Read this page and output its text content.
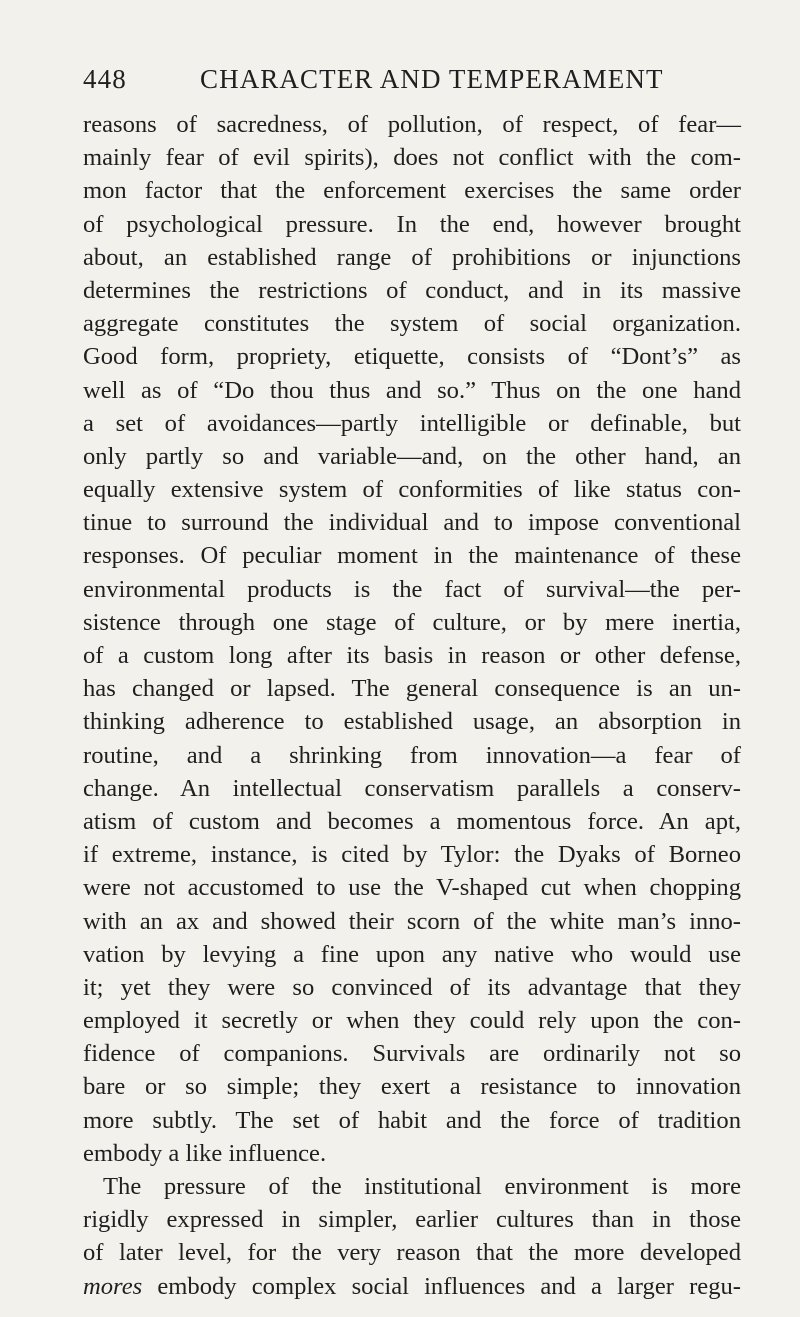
448	CHARACTER AND TEMPERAMENT
reasons of sacredness, of pollution, of respect, of fear—
mainly fear of evil spirits), does not conflict with the com-
mon factor that the enforcement exercises the same order
of psychological pressure. In the end, however brought
about, an established range of prohibitions or injunctions
determines the restrictions of conduct, and in its massive
aggregate constitutes the system of social organization.
Good form, propriety, etiquette, consists of “Dont’s” as
well as of “Do thou thus and so.” Thus on the one hand
a set of avoidances—partly intelligible or definable, but
only partly so and variable—and, on the other hand, an
equally extensive system of conformities of like status con-
tinue to surround the individual and to impose conventional
responses. Of peculiar moment in the maintenance of these
environmental products is the fact of survival—the per-
sistence through one stage of culture, or by mere inertia,
of a custom long after its basis in reason or other defense,
has changed or lapsed. The general consequence is an un-
thinking adherence to established usage, an absorption in
routine, and a shrinking from innovation—a fear of
change. An intellectual conservatism parallels a conserv-
atism of custom and becomes a momentous force. An apt,
if extreme, instance, is cited by Tylor: the Dyaks of Borneo
were not accustomed to use the V-shaped cut when chopping
with an ax and showed their scorn of the white man’s inno-
vation by levying a fine upon any native who would use
it; yet they were so convinced of its advantage that they
employed it secretly or when they could rely upon the con-
fidence of companions. Survivals are ordinarily not so
bare or so simple; they exert a resistance to innovation
more subtly. The set of habit and the force of tradition
embody a like influence.
The pressure of the institutional environment is more
rigidly expressed in simpler, earlier cultures than in those
of later level, for the very reason that the more developed
mores embody complex social influences and a larger regu-
